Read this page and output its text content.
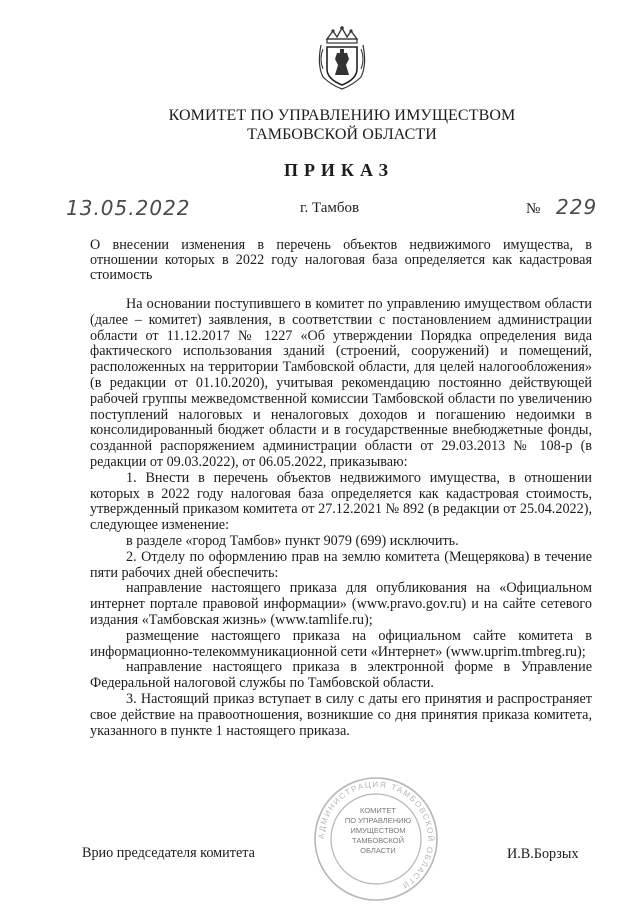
КОМИТЕТ ПО УПРАВЛЕНИЮ ИМУЩЕСТВОМ
ТАМБОВСКОЙ ОБЛАСТИ
ПРИКАЗ
13.05.2022	г. Тамбов	№ 229
О внесении изменения в перечень объектов недвижимого имущества, в отношении которых в 2022 году налоговая база определяется как кадастровая стоимость

На основании поступившего в комитет по управлению имуществом области (далее – комитет) заявления, в соответствии с постановлением администрации области от 11.12.2017 № 1227 «Об утверждении Порядка определения вида фактического использования зданий (строений, сооружений) и помещений, расположенных на территории Тамбовской области, для целей налогообложения» (в редакции от 01.10.2020), учитывая рекомендацию постоянно действующей рабочей группы межведомственной комиссии Тамбовской области по увеличению поступлений налоговых и неналоговых доходов и погашению недоимки в консолидированный бюджет области и в государственные внебюджетные фонды, созданной распоряжением администрации области от 29.03.2013 № 108-р (в редакции от 09.03.2022), от 06.05.2022, приказываю:

1. Внести в перечень объектов недвижимого имущества, в отношении которых в 2022 году налоговая база определяется как кадастровая стоимость, утвержденный приказом комитета от 27.12.2021 № 892 (в редакции от 25.04.2022), следующее изменение:

в разделе «город Тамбов» пункт 9079 (699) исключить.

2. Отделу по оформлению прав на землю комитета (Мещерякова) в течение пяти рабочих дней обеспечить:

направление настоящего приказа для опубликования на «Официальном интернет портале правовой информации» (www.pravo.gov.ru) и на сайте сетевого издания «Тамбовская жизнь» (www.tamlife.ru);

размещение настоящего приказа на официальном сайте комитета в информационно-телекоммуникационной сети «Интернет» (www.uprim.tmbreg.ru);

направление настоящего приказа в электронной форме в Управление Федеральной налоговой службы по Тамбовской области.

3. Настоящий приказ вступает в силу с даты его принятия и распространяет свое действие на правоотношения, возникшие со дня принятия приказа комитета, указанного в пункте 1 настоящего приказа.

АДМИНИСТРАЦИЯ ТАМБОВСКОЙ ОБЛАСТИ
КОМИТЕТ
ПО УПРАВЛЕНИЮ
ИМУЩЕСТВОМ
ТАМБОВСКОЙ
ОБЛАСТИ
Врио председателя комитета	И.В.Борзых
